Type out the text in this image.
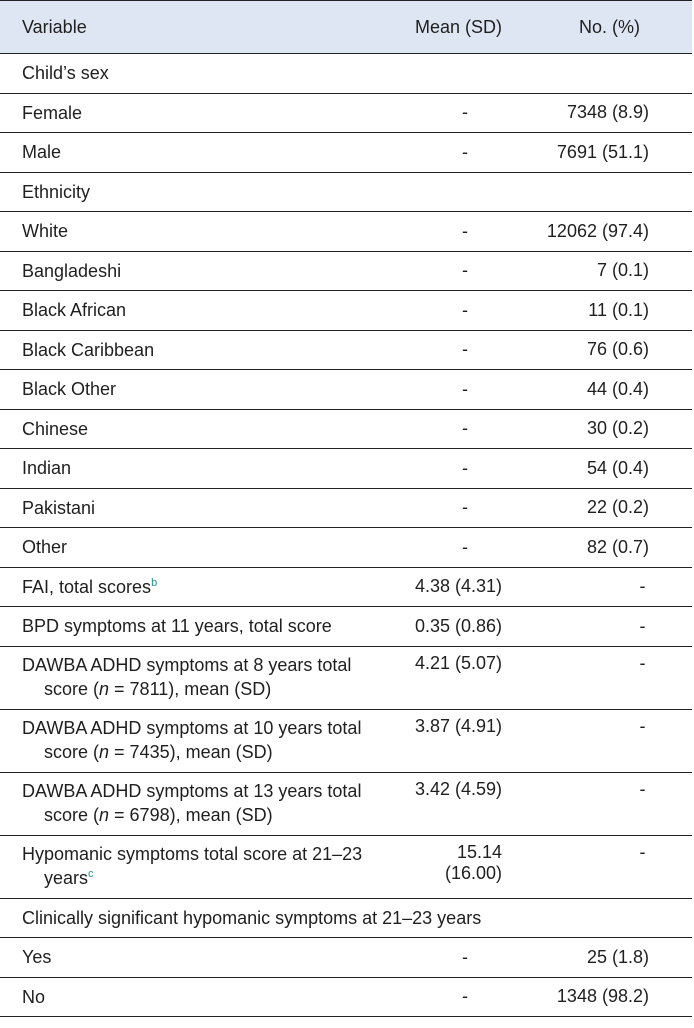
Variable	Mean (SD)	No. (%)
Child’s sex		
Female	-	7348 (8.9)
Male	-	7691 (51.1)
Ethnicity		
White	-	12062 (97.4)
Bangladeshi	-	7 (0.1)
Black African	-	11 (0.1)
Black Caribbean	-	76 (0.6)
Black Other	-	44 (0.4)
Chinese	-	30 (0.2)
Indian	-	54 (0.4)
Pakistani	-	22 (0.2)
Other	-	82 (0.7)
FAI, total scores$^b$	4.38 (4.31)	-
BPD symptoms at 11 years, total score	0.35 (0.86)	-

DAWBA ADHD symptoms at 8 years total score (n = 7811), mean (SD)	4.21 (5.07)	-

DAWBA ADHD symptoms at 10 years total score (n = 7435), mean (SD)	3.87 (4.91)	-

DAWBA ADHD symptoms at 13 years total score (n = 6798), mean (SD)	3.42 (4.59)	-

Hypomanic symptoms total score at 21–23 years$^c$	15.14 (16.00)	-
Clinically significant hypomanic symptoms at 21–23 years		
Yes	-	25 (1.8)
No	-	1348 (98.2)
